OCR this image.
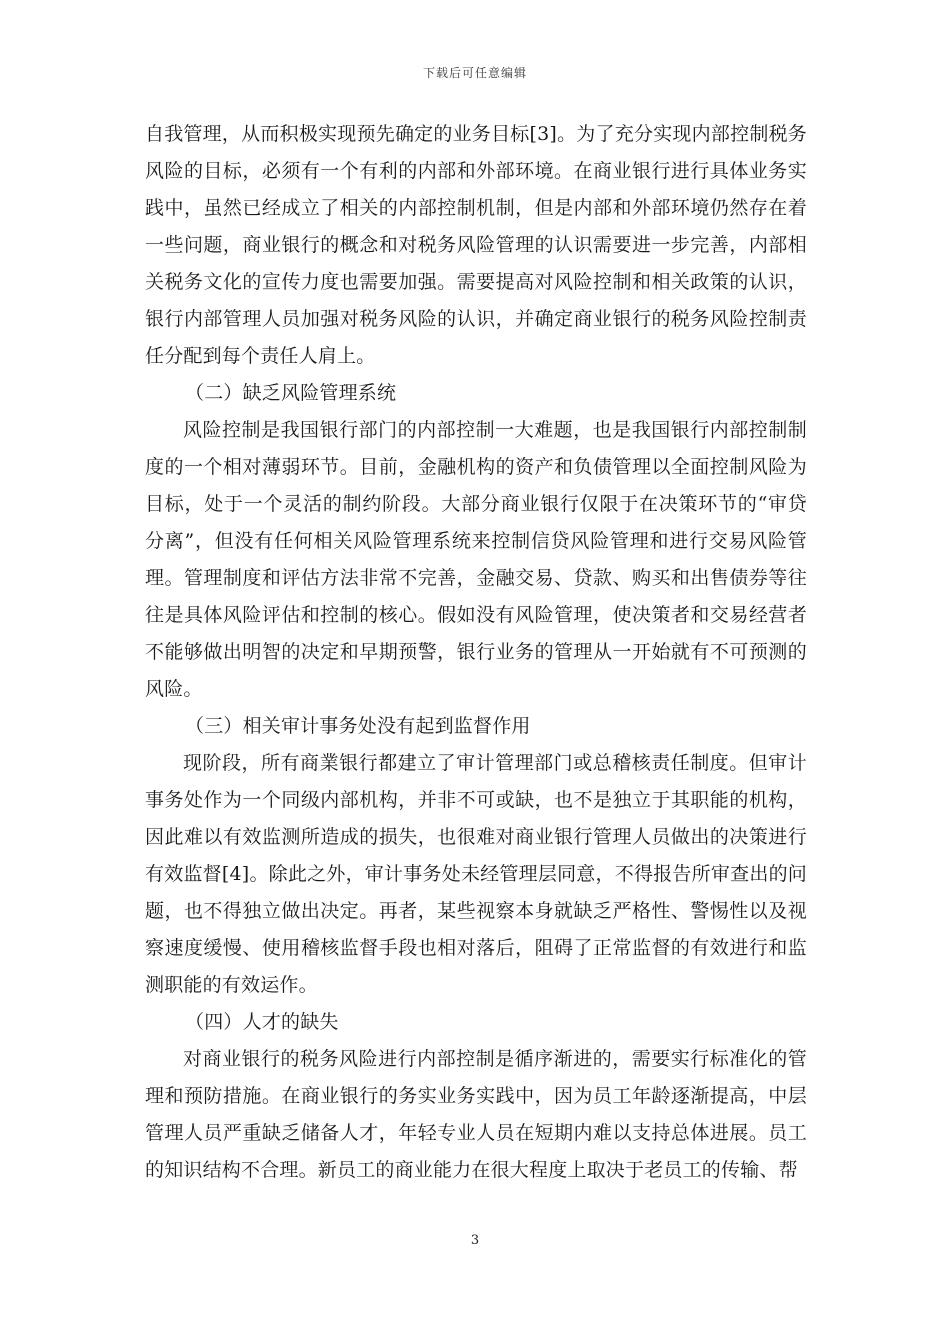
下载后可任意编辑

自我管理，从而积极实现预先确定的业务目标[3]。为了充分实现内部控制税务风险的目标，必须有一个有利的内部和外部环境。在商业银行进行具体业务实践中，虽然已经成立了相关的内部控制机制，但是内部和外部环境仍然存在着一些问题，商业银行的概念和对税务风险管理的认识需要进一步完善，内部相关税务文化的宣传力度也需要加强。需要提高对风险控制和相关政策的认识，银行内部管理人员加强对税务风险的认识，并确定商业银行的税务风险控制责任分配到每个责任人肩上。

（二）缺乏风险管理系统

风险控制是我国银行部门的内部控制一大难题，也是我国银行内部控制制度的一个相对薄弱环节。目前，金融机构的资产和负债管理以全面控制风险为目标，处于一个灵活的制约阶段。大部分商业银行仅限于在决策环节的“审贷分离”，但没有任何相关风险管理系统来控制信贷风险管理和进行交易风险管理。管理制度和评估方法非常不完善，金融交易、贷款、购买和出售债券等往往是具体风险评估和控制的核心。假如没有风险管理，使决策者和交易经营者不能够做出明智的决定和早期预警，银行业务的管理从一开始就有不可预测的风险。

（三）相关审计事务处没有起到监督作用

现阶段，所有商業银行都建立了审计管理部门或总稽核责任制度。但审计事务处作为一个同级内部机构，并非不可或缺，也不是独立于其职能的机构，因此难以有效监测所造成的损失，也很难对商业银行管理人员做出的决策进行有效监督[4]。除此之外，审计事务处未经管理层同意，不得报告所审查出的问题，也不得独立做出决定。再者，某些视察本身就缺乏严格性、警惕性以及视察速度缓慢、使用稽核监督手段也相对落后，阻碍了正常监督的有效进行和监测职能的有效运作。

（四）人才的缺失

对商业银行的税务风险进行内部控制是循序渐进的，需要实行标准化的管理和预防措施。在商业银行的务实业务实践中，因为员工年龄逐渐提高，中层管理人员严重缺乏储备人才，年轻专业人员在短期内难以支持总体进展。员工的知识结构不合理。新员工的商业能力在很大程度上取决于老员工的传输、帮

3
